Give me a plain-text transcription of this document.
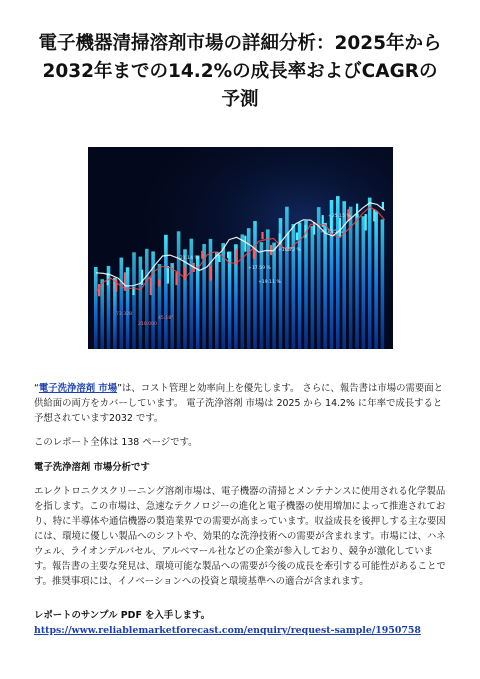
電子機器清掃溶剤市場の詳細分析：2025年から2032年までの14.2%の成長率およびCAGRの予測
+13.25 %
+16.72 %
+21.14 %
+17.59 %
+19.11 %
+25.15 %
73.328
45.18°
210.000

“電子洗浄溶剤 市場”は、コスト管理と効率向上を優先します。 さらに、報告書は市場の需要面と供給面の両方をカバーしています。 電子洗浄溶剤 市場は 2025 から 14.2% に年率で成長すると予想されています2032 です。

このレポート全体は 138 ページです。

電子洗浄溶剤 市場分析です

エレクトロニクスクリーニング溶剤市場は、電子機器の清掃とメンテナンスに使用される化学製品を指します。この市場は、急速なテクノロジーの進化と電子機器の使用増加によって推進されており、特に半導体や通信機器の製造業界での需要が高まっています。収益成長を後押しする主な要因には、環境に優しい製品へのシフトや、効果的な洗浄技術への需要が含まれます。市場には、ハネウェル、ライオンデルバセル、アルベマール社などの企業が参入しており、競争が激化しています。報告書の主要な発見は、環境可能な製品への需要が今後の成長を牽引する可能性があることです。推奨事項には、イノベーションへの投資と環境基準への適合が含まれます。

レポートのサンプル PDF を入手します。 https://www.reliablemarketforecast.com/enquiry/request-sample/1950758
